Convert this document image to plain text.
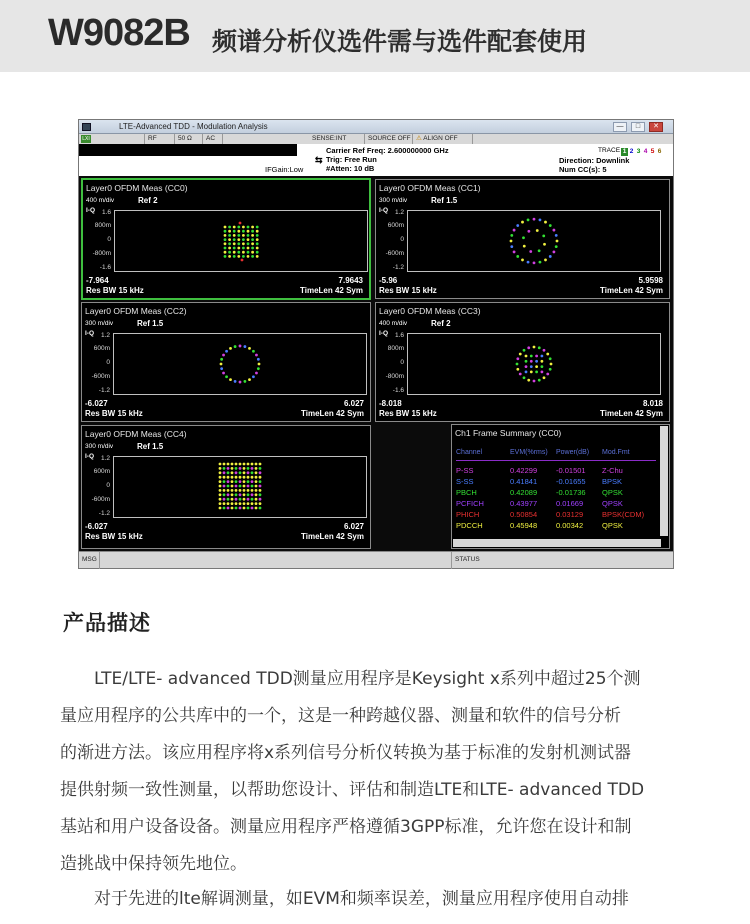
W9082B 频谱分析仪选件需与选件配套使用
LTE-Advanced TDD - Modulation Analysis	—	□	✕
LXI	RF	50 Ω	AC	SENSE:INT	SOURCE OFF ⚠ ALIGN OFF
Carrier Ref Freq: 2.600000000 GHz
Trig: Free Run
#Atten: 10 dB
IFGain:Low
⇆
TRACE 1 2 3 4 5 6
Direction: Downlink
Num CC(s): 5
Layer0 OFDM Meas (CC0)
400 m/div	Ref 2
I-Q	1.6
800m
0
-800m
-1.6
-7.964	7.9643
Res BW 15 kHz	TimeLen 42 Sym
Layer0 OFDM Meas (CC1)
300 m/div	Ref 1.5
I-Q	1.2
600m
0
-600m
-1.2
-5.96	5.9598
Res BW 15 kHz	TimeLen 42 Sym
Layer0 OFDM Meas (CC2)
300 m/div	Ref 1.5
I-Q	1.2
600m
0
-600m
-1.2
-6.027	6.027
Res BW 15 kHz	TimeLen 42 Sym
Layer0 OFDM Meas (CC3)
400 m/div	Ref 2
I-Q	1.6
800m
0
-800m
-1.6
-8.018	8.018
Res BW 15 kHz	TimeLen 42 Sym
Layer0 OFDM Meas (CC4)
300 m/div	Ref 1.5
I-Q	1.2
600m
0
-600m
-1.2
-6.027	6.027
Res BW 15 kHz	TimeLen 42 Sym
Ch1 Frame Summary (CC0)
Channel	EVM(%rms) Power(dB) Mod.Fmt
P-SS	0.42299	-0.01501 Z-Chu
S-SS	0.41841	-0.01655 BPSK
PBCH	0.42089	-0.01736 QPSK
PCFICH	0.43977	0.01669	QPSK
PHICH	0.50854	0.03129	BPSK(CDM)
PDCCH	0.45948	0.00342	QPSK
MSG	STATUS
产品描述

LTE/LTE- advanced TDD测量应用程序是Keysight x系列中超过25个测

量应用程序的公共库中的一个，这是一种跨越仪器、测量和软件的信号分析

的渐进方法。该应用程序将x系列信号分析仪转换为基于标准的发射机测试器

提供射频一致性测量，以帮助您设计、评估和制造LTE和LTE- advanced TDD

基站和用户设备设备。测量应用程序严格遵循3GPP标准，允许您在设计和制

造挑战中保持领先地位。

对于先进的lte解调测量，如EVM和频率误差，测量应用程序使用自动排
